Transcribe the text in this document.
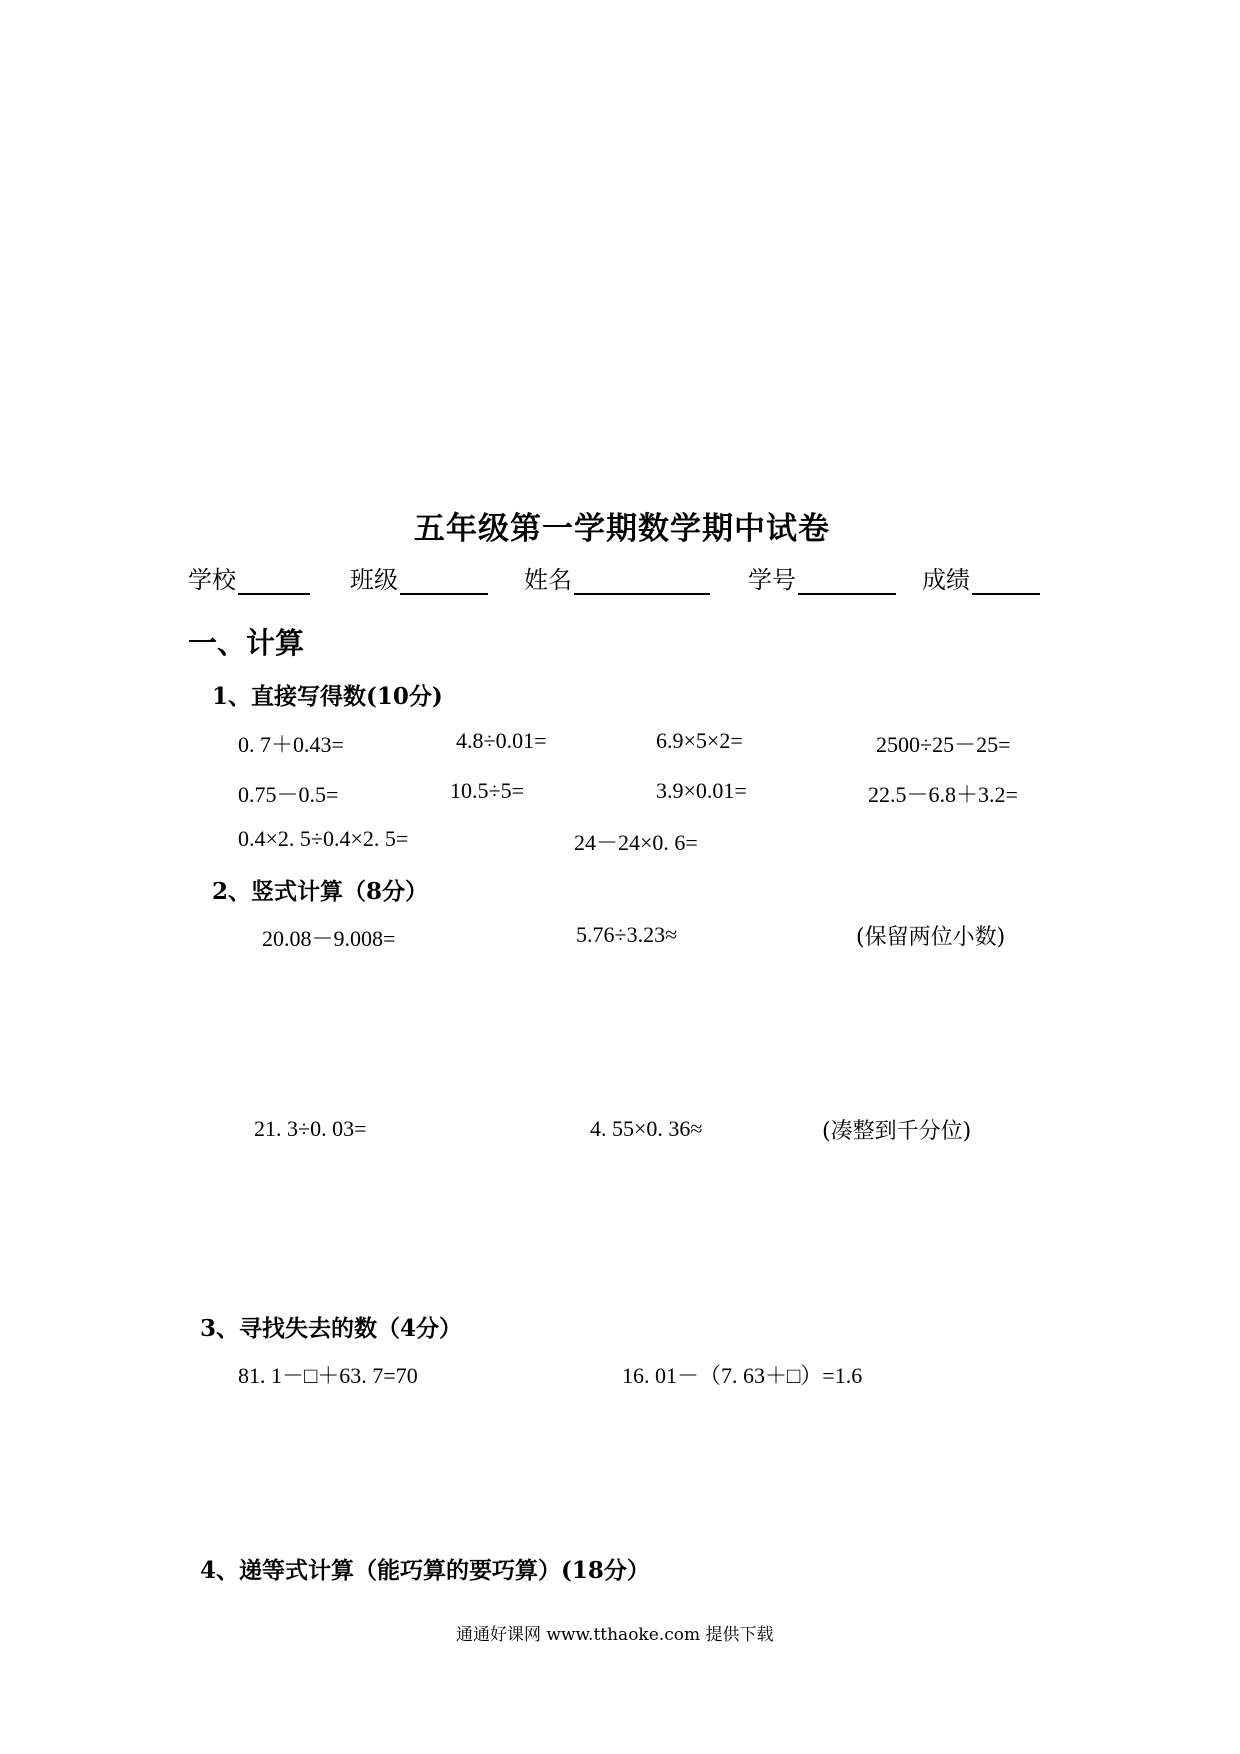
五年级第一学期数学期中试卷
学校	班级	姓名	学号	成绩
一、计算
1、直接写得数(10分)
0. 7＋0.43=	4.8÷0.01=	6.9×5×2=	2500÷25－25=
0.75－0.5=	10.5÷5=	3.9×0.01=	22.5－6.8＋3.2=
0.4×2. 5÷0.4×2. 5=	24－24×0. 6=
2、竖式计算（8分）
20.08－9.008=	5.76÷3.23≈	(保留两位小数)
21. 3÷0. 03=	4. 55×0. 36≈	(凑整到千分位)
3、寻找失去的数（4分）
81. 1－□＋63. 7=70	16. 01－（7. 63＋□）=1.6
4、递等式计算（能巧算的要巧算）(18分）
通通好课网 www.tthaoke.com 提供下载
